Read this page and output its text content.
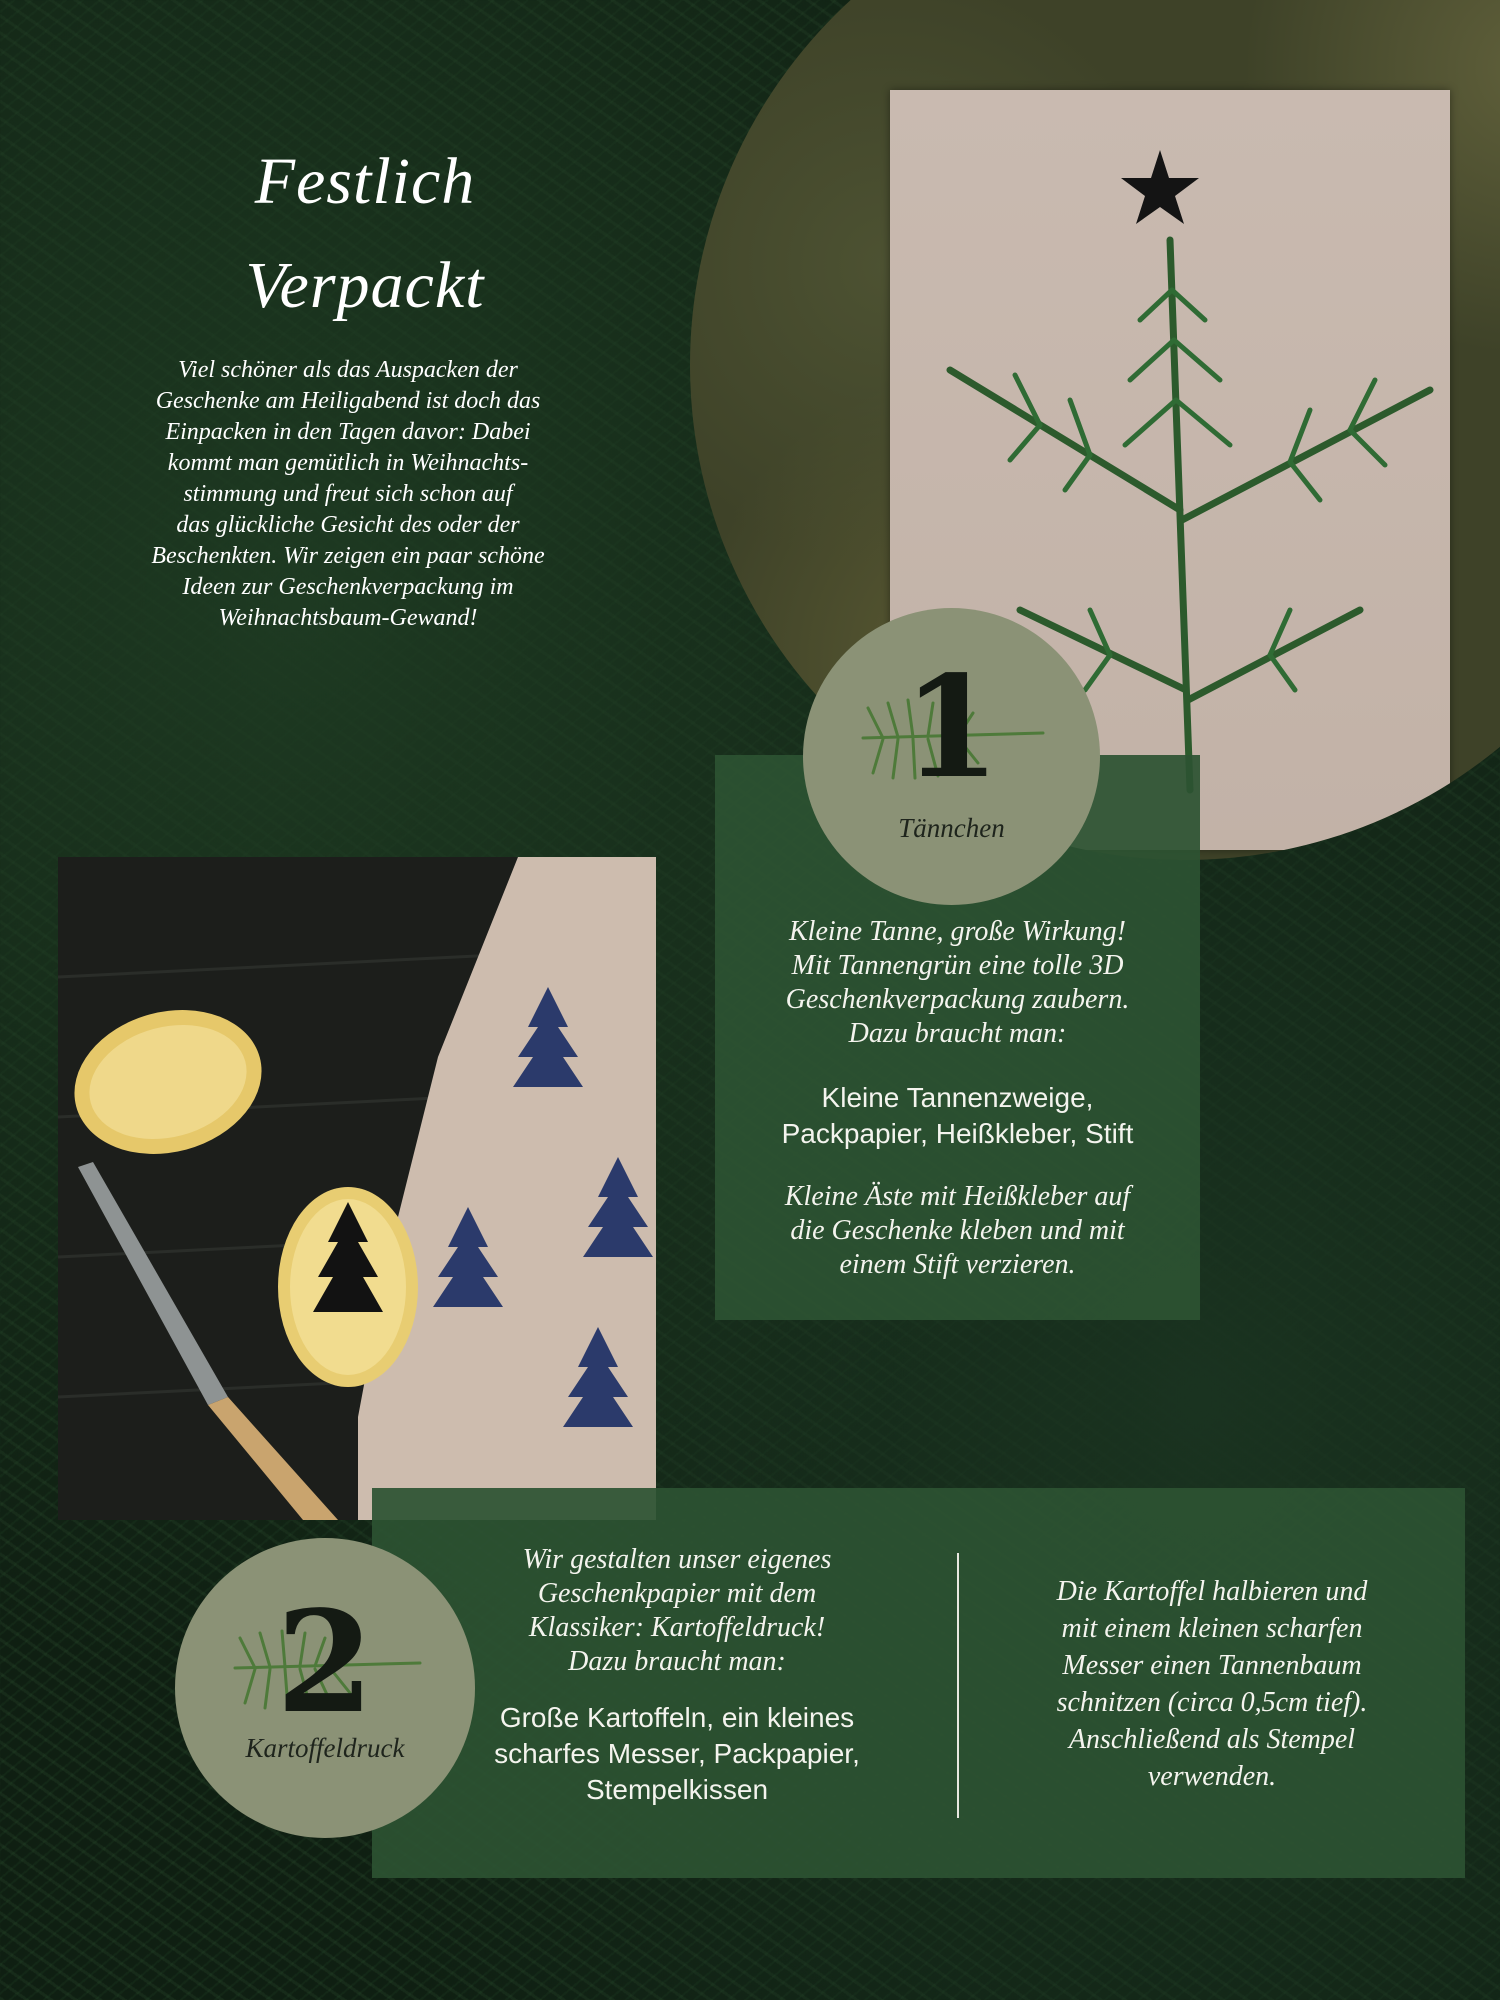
Festlich
Verpackt
Viel schöner als das Auspacken der
Geschenke am Heiligabend ist doch das
Einpacken in den Tagen davor: Dabei
kommt man gemütlich in Weihnachts-
stimmung und freut sich schon auf
das glückliche Gesicht des oder der
Beschenkten. Wir zeigen ein paar schöne
Ideen zur Geschenkverpackung im
Weihnachtsbaum-Gewand!
Kleine Tanne, große Wirkung!
Mit Tannengrün eine tolle 3D
Geschenkverpackung zaubern.
Dazu braucht man:
Kleine Tannenzweige,
Packpapier, Heißkleber, Stift
Kleine Äste mit Heißkleber auf
die Geschenke kleben und mit
einem Stift verzieren.
1
Tännchen
Wir gestalten unser eigenes
Geschenkpapier mit dem
Klassiker: Kartoffeldruck!
Dazu braucht man:
Große Kartoffeln, ein kleines
scharfes Messer, Packpapier,
Stempelkissen
Die Kartoffel halbieren und
mit einem kleinen scharfen
Messer einen Tannenbaum
schnitzen (circa 0,5cm tief).
Anschließend als Stempel
verwenden.
2
Kartoffeldruck
